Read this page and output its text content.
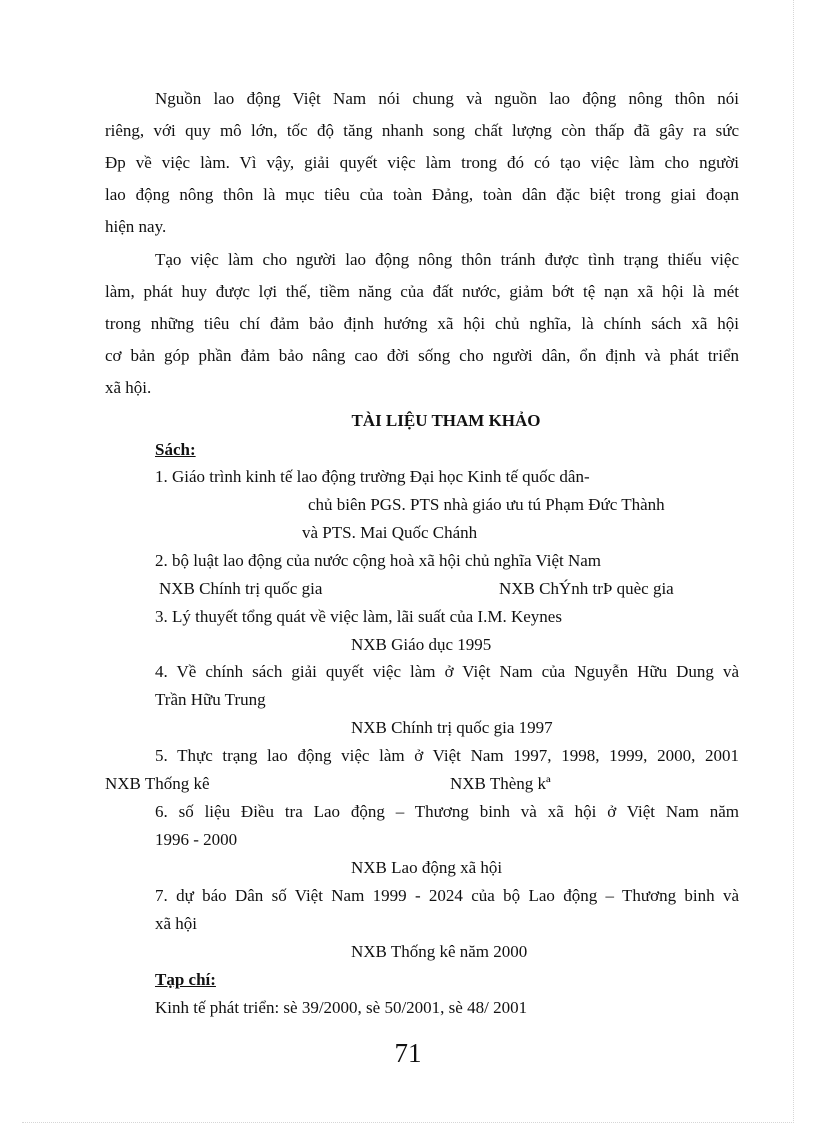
Nguồn lao động Việt Nam nói chung và nguồn lao động nông thôn nói
riêng, với quy mô lớn, tốc độ tăng nhanh song chất lượng còn thấp đã gây ra sức
Đp về việc làm. Vì vậy, giải quyết việc làm trong đó có tạo việc làm cho người
lao động nông thôn là mục tiêu của toàn Đảng, toàn dân đặc biệt trong giai đoạn
hiện nay.
Tạo việc làm cho người lao động nông thôn tránh được tình trạng thiếu việc
làm, phát huy được lợi thế, tiềm năng của đất nước, giảm bớt tệ nạn xã hội là mét
trong những tiêu chí đảm bảo định hướng xã hội chủ nghĩa, là chính sách xã hội
cơ bản góp phần đảm bảo nâng cao đời sống cho người dân, ổn định và phát triển
xã hội.
TÀI LIỆU THAM KHẢO
Sách:
1. Giáo trình kinh tế lao động trường Đại học Kinh tế quốc dân-
chủ biên PGS. PTS nhà giáo ưu tú Phạm Đức Thành
và PTS. Mai Quốc Chánh
2. bộ luật lao động của nước cộng hoà xã hội chủ nghĩa Việt Nam
NXB Chính trị quốc gia	NXB ChÝnh trÞ quèc gia
3. Lý thuyết tổng quát về việc làm, lãi suất của I.M. Keynes
NXB Giáo dục 1995
4. Về chính sách giải quyết việc làm ở Việt Nam của Nguyễn Hữu Dung và
Trần Hữu Trung
NXB Chính trị quốc gia 1997
5. Thực trạng lao động việc làm ở Việt Nam 1997, 1998, 1999, 2000, 2001
NXB Thống kê	NXB Thèng kª
6. số liệu Điều tra Lao động – Thương binh và xã hội ở Việt Nam năm
1996 - 2000
NXB Lao động xã hội
7. dự báo Dân số Việt Nam 1999 - 2024 của bộ Lao động – Thương binh và
xã hội
NXB Thống kê năm 2000
Tạp chí:
Kinh tế phát triển: sè 39/2000, sè 50/2001, sè 48/ 2001
71
